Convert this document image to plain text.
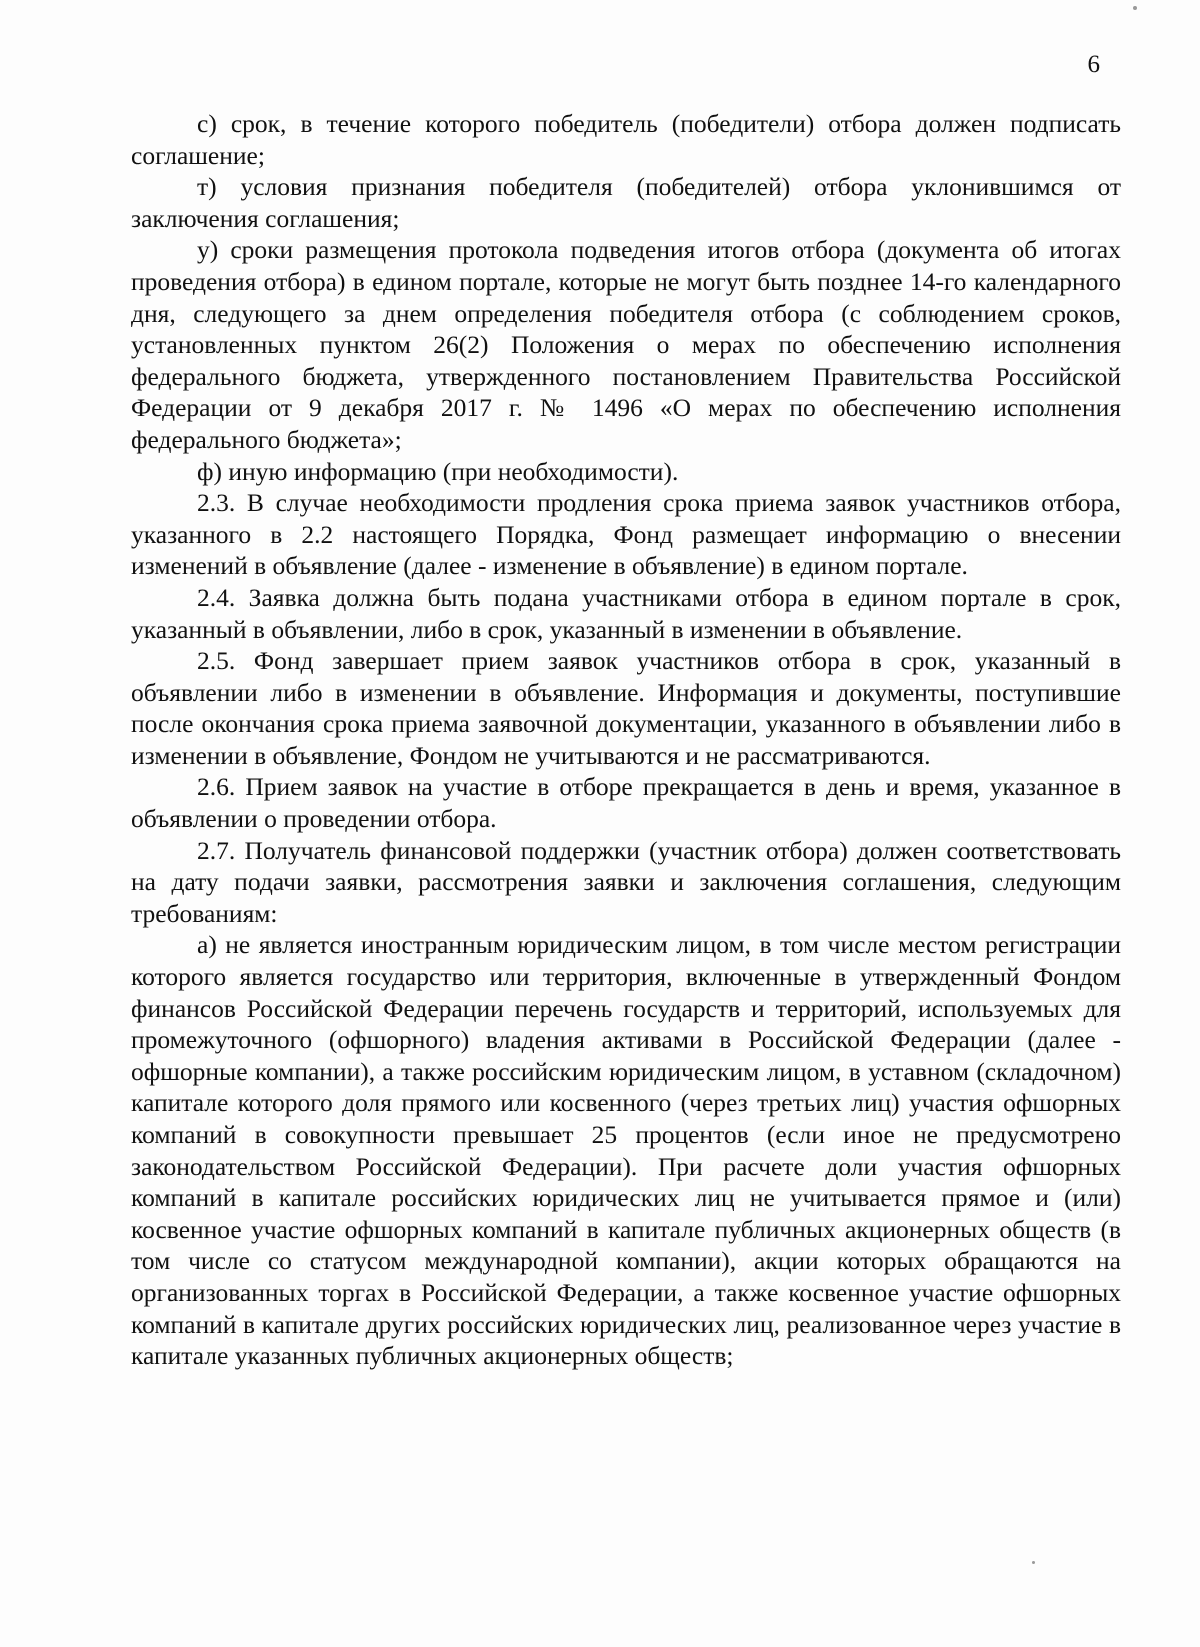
6

с) срок, в течение которого победитель (победители) отбора должен подписать соглашение;

т) условия признания победителя (победителей) отбора уклонившимся от заключения соглашения;

у) сроки размещения протокола подведения итогов отбора (документа об итогах проведения отбора) в едином портале, которые не могут быть позднее 14-го календарного дня, следующего за днем определения победителя отбора (с соблюдением сроков, установленных пунктом 26(2) Положения о мерах по обеспечению исполнения федерального бюджета, утвержденного постановлением Правительства Российской Федерации от 9 декабря 2017 г. № 1496 «О мерах по обеспечению исполнения федерального бюджета»;

ф) иную информацию (при необходимости).

2.3. В случае необходимости продления срока приема заявок участников отбора, указанного в 2.2 настоящего Порядка, Фонд размещает информацию о внесении изменений в объявление (далее - изменение в объявление) в едином портале.

2.4. Заявка должна быть подана участниками отбора в едином портале в срок, указанный в объявлении, либо в срок, указанный в изменении в объявление.

2.5. Фонд завершает прием заявок участников отбора в срок, указанный в объявлении либо в изменении в объявление. Информация и документы, поступившие после окончания срока приема заявочной документации, указанного в объявлении либо в изменении в объявление, Фондом не учитываются и не рассматриваются.

2.6. Прием заявок на участие в отборе прекращается в день и время, указанное в объявлении о проведении отбора.

2.7. Получатель финансовой поддержки (участник отбора) должен соответствовать на дату подачи заявки, рассмотрения заявки и заключения соглашения, следующим требованиям:

а) не является иностранным юридическим лицом, в том числе местом регистрации которого является государство или территория, включенные в утвержденный Фондом финансов Российской Федерации перечень государств и территорий, используемых для промежуточного (офшорного) владения активами в Российской Федерации (далее - офшорные компании), а также российским юридическим лицом, в уставном (складочном) капитале которого доля прямого или косвенного (через третьих лиц) участия офшорных компаний в совокупности превышает 25 процентов (если иное не предусмотрено законодательством Российской Федерации). При расчете доли участия офшорных компаний в капитале российских юридических лиц не учитывается прямое и (или) косвенное участие офшорных компаний в капитале публичных акционерных обществ (в том числе со статусом международной компании), акции которых обращаются на организованных торгах в Российской Федерации, а также косвенное участие офшорных компаний в капитале других российских юридических лиц, реализованное через участие в капитале указанных публичных акционерных обществ;
